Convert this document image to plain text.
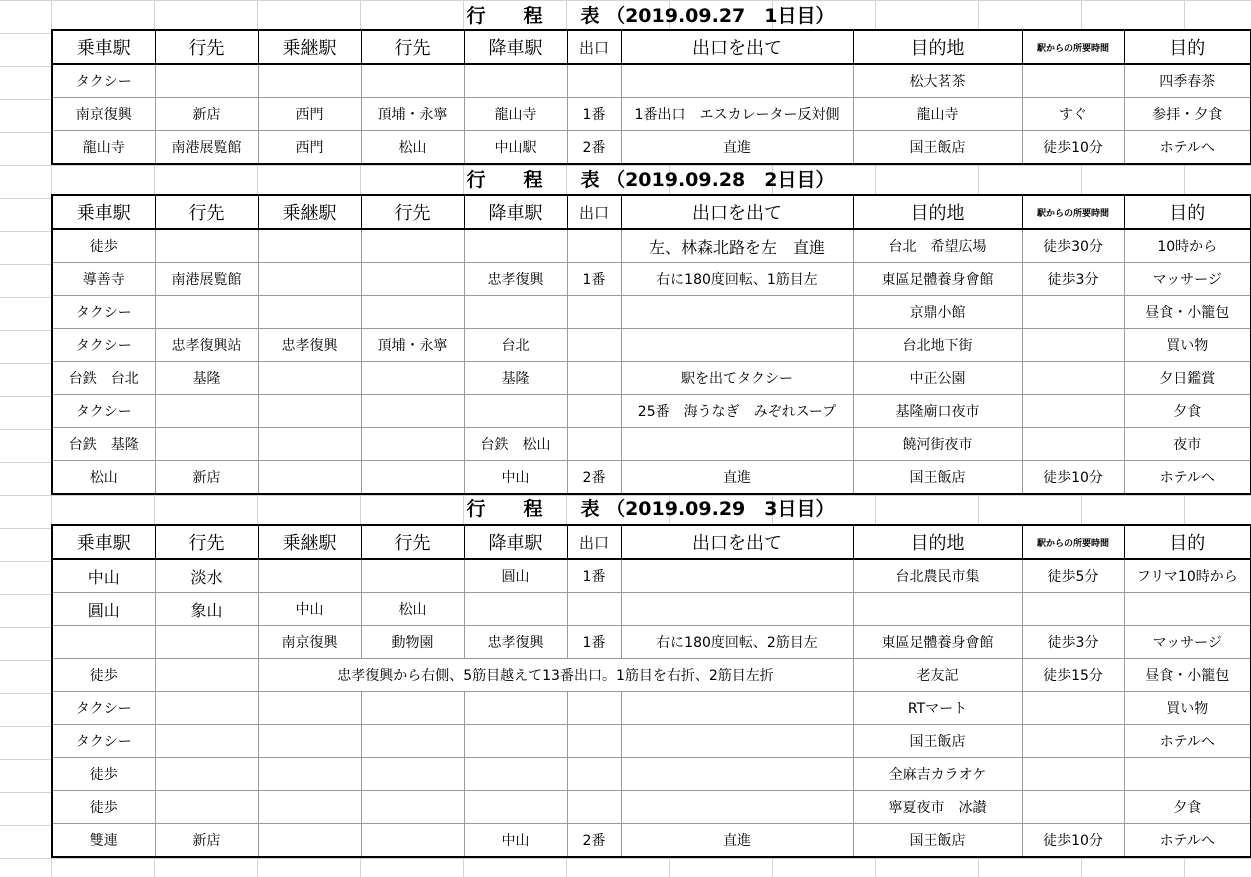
行　　程　　表 （2019.09.27　1日目）
乗車駅	行先	乗継駅	行先	降車駅	出口	出口を出て	目的地	駅からの所要時間	目的
タクシー							松大茗茶		四季春茶
南京復興	新店	西門	頂埔・永寧	龍山寺	1番	1番出口　エスカレーター反対側	龍山寺	すぐ	参拝・夕食
龍山寺	南港展覧館	西門	松山	中山駅	2番	直進	国王飯店	徒歩10分	ホテルへ
行　　程　　表 （2019.09.28　2日目）
乗車駅	行先	乗継駅	行先	降車駅	出口	出口を出て	目的地	駅からの所要時間	目的
徒歩						左、林森北路を左　直進	台北　希望広場	徒歩30分	10時から
導善寺	南港展覧館			忠孝復興	1番	右に180度回転、1筋目左	東區足體養身會館	徒歩3分	マッサージ
タクシー							京鼎小館		昼食・小籠包
タクシー	忠孝復興站	忠孝復興	頂埔・永寧	台北			台北地下街		買い物
台鉄　台北	基隆			基隆		駅を出てタクシー	中正公園		夕日鑑賞
タクシー						25番　海うなぎ　みぞれスープ	基隆廟口夜市		夕食
台鉄　基隆				台鉄　松山			饒河街夜市		夜市
松山	新店			中山	2番	直進	国王飯店	徒歩10分	ホテルへ
行　　程　　表 （2019.09.29　3日目）
乗車駅	行先	乗継駅	行先	降車駅	出口	出口を出て	目的地	駅からの所要時間	目的
中山	淡水			圓山	1番		台北農民市集	徒歩5分	フリマ10時から
圓山	象山	中山	松山						
		南京復興	動物園	忠孝復興	1番	右に180度回転、2筋目左	東區足體養身會館	徒歩3分	マッサージ
徒歩		忠孝復興から右側、5筋目越えて13番出口。1筋目を右折、2筋目左折					老友記	徒歩15分	昼食・小籠包
タクシー							RTマート		買い物
タクシー							国王飯店		ホテルへ
徒歩							全麻吉カラオケ		
徒歩							寧夏夜市　冰讃		夕食
雙連	新店			中山	2番	直進	国王飯店	徒歩10分	ホテルへ
